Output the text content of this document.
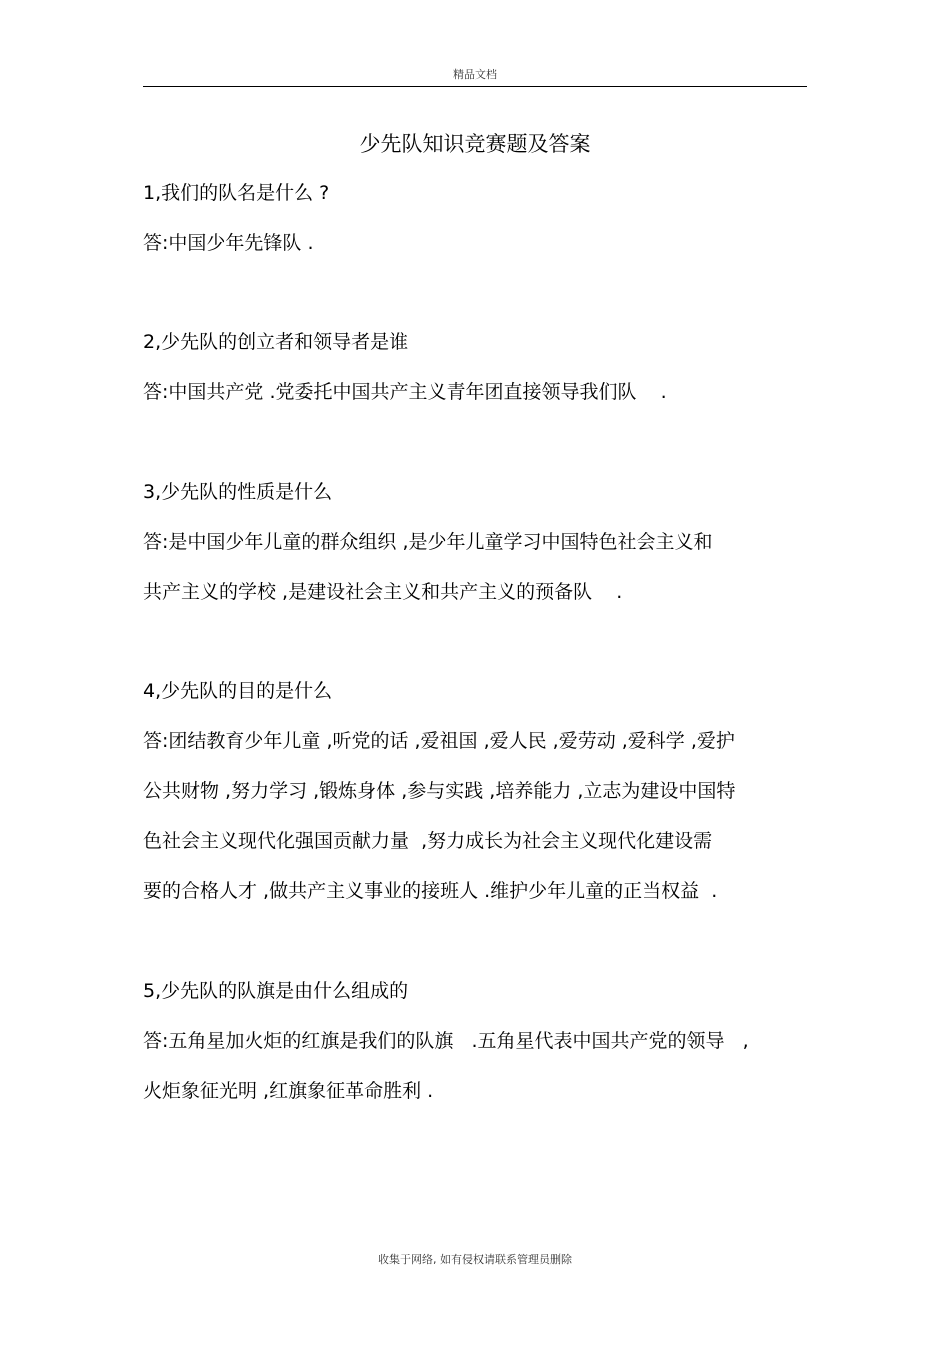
精品文档
少先队知识竞赛题及答案
1,我们的队名是什么 ?
答:中国少年先锋队 .
2,少先队的创立者和领导者是谁
答:中国共产党 .党委托中国共产主义青年团直接领导我们队    .
3,少先队的性质是什么
答:是中国少年儿童的群众组织 ,是少年儿童学习中国特色社会主义和
共产主义的学校 ,是建设社会主义和共产主义的预备队    .
4,少先队的目的是什么
答:团结教育少年儿童 ,听党的话 ,爱祖国 ,爱人民 ,爱劳动 ,爱科学 ,爱护
公共财物 ,努力学习 ,锻炼身体 ,参与实践 ,培养能力 ,立志为建设中国特
色社会主义现代化强国贡献力量  ,努力成长为社会主义现代化建设需
要的合格人才 ,做共产主义事业的接班人 .维护少年儿童的正当权益  .
5,少先队的队旗是由什么组成的
答:五角星加火炬的红旗是我们的队旗   .五角星代表中国共产党的领导   ,
火炬象征光明 ,红旗象征革命胜利 .
收集于网络, 如有侵权请联系管理员删除
